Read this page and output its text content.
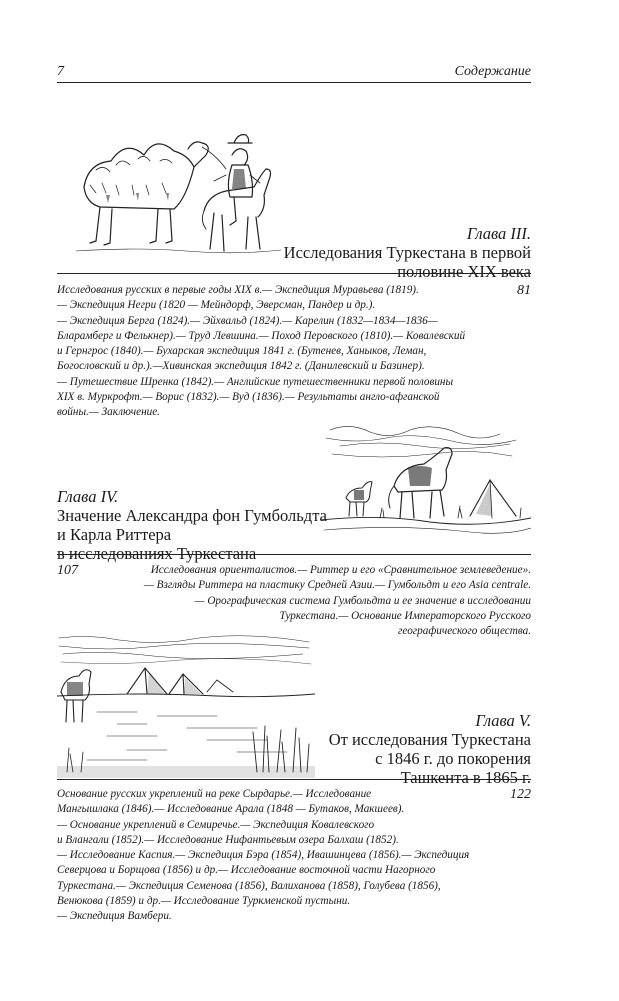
7	Содержание
Глава III.
Исследования Туркестана в первой
половине XIX века
Исследования русских в первые годы XIX в.— Экспедиция Муравьева (1819).
— Экспедиция Негри (1820 — Мейндорф, Эверсман, Пандер и др.).
— Экспедиция Берга (1824).— Эйхвальд (1824).— Карелин (1832—1834—1836—
Бларамберг и Фелькнер).— Труд Левшина.— Поход Перовского (1810).— Ковалевский
и Гернгрос (1840).— Бухарская экспедиция 1841 г. (Бутенев, Ханыков, Леман,
Богословский и др.).—Хивинская экспедиция 1842 г. (Данилевский и Базинер).
— Путешествие Шренка (1842).— Английские путешественники первой половины
XIX в. Муркрофт.— Ворис (1832).— Вуд (1836).— Результаты англо-афганской
войны.— Заключение.
81
Глава IV.
Значение Александра фон Гумбольдта
и Карла Риттера
в исследованиях Туркестана
107	Исследования ориенталистов.— Риттер и его «Сравнительное землеведение».
— Взгляды Риттера на пластику Средней Азии.— Гумбольдт и его Asia centrale.
— Орографическая система Гумбольдта и ее значение в исследовании
Туркестана.— Основание Императорского Русского
географического общества.
Глава V.
От исследования Туркестана
с 1846 г. до покорения
Ташкента в 1865 г.
Основание русских укреплений на реке Сырдарье.— Исследование
Мангышлака (1846).— Исследование Арала (1848 — Бутаков, Макшеев).
— Основание укреплений в Семиречье.— Экспедиция Ковалевского
и Влангали (1852).— Исследование Нифантьевым озера Балхаш (1852).
— Исследование Каспия.— Экспедиция Бэра (1854), Ивашинцева (1856).— Экспедиция
Северцова и Борщова (1856) и др.— Исследование восточной части Нагорного
Туркестана.— Экспедиция Семенова (1856), Валиханова (1858), Голубева (1856),
Венюкова (1859) и др.— Исследование Туркменской пустыни.
— Экспедиция Вамбери.
122
